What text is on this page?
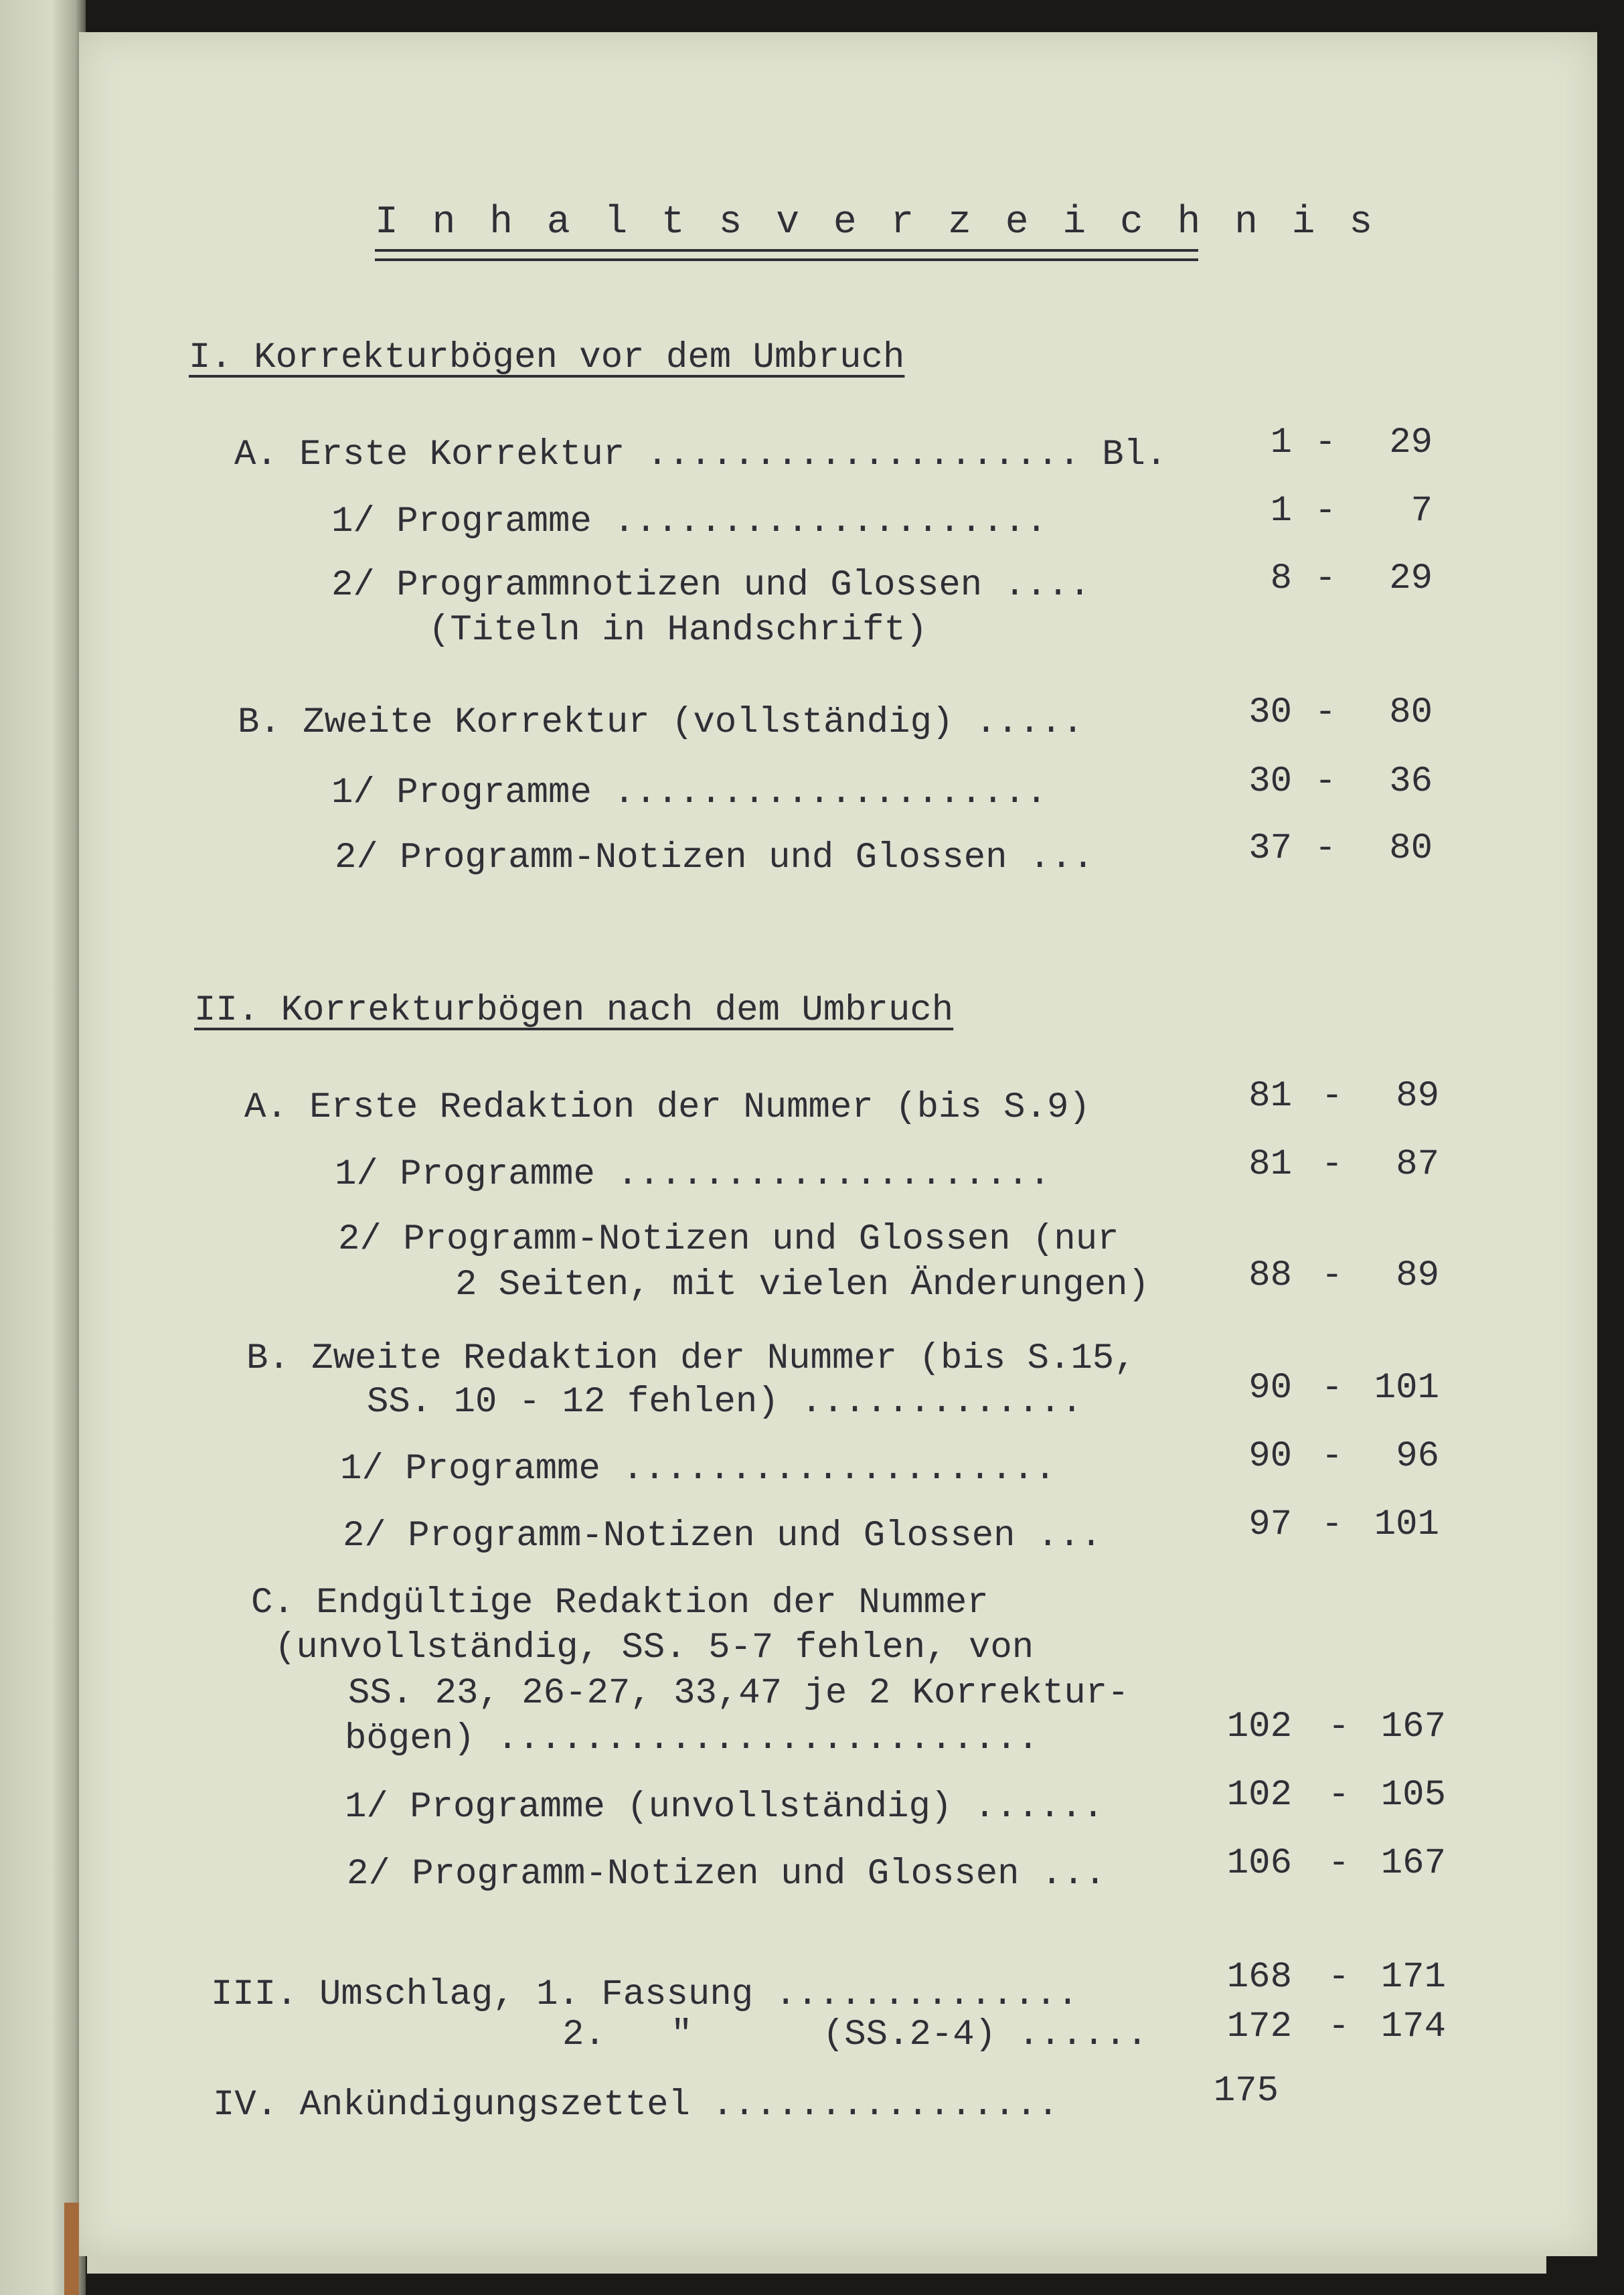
I n h a l t s v e r z e i c h n i s
I. Korrekturbögen vor dem Umbruch
A. Erste Korrektur .................... Bl.	1 -	29
1/ Programme ....................	1 -	7
2/ Programmnotizen und Glossen ....	8 -	29
(Titeln in Handschrift)
B. Zweite Korrektur (vollständig) .....	30 -	80
1/ Programme ....................	30 -	36
2/ Programm-Notizen und Glossen ...	37 -	80
II. Korrekturbögen nach dem Umbruch
A. Erste Redaktion der Nummer (bis S.9)	81 -	89
1/ Programme ....................	81 -	87
2/ Programm-Notizen und Glossen (nur
2 Seiten, mit vielen Änderungen)	88 -	89
B. Zweite Redaktion der Nummer (bis S.15,
SS. 10 - 12 fehlen) .............	90 - 101
1/ Programme ....................	90 -	96
2/ Programm-Notizen und Glossen ...	97 - 101
C. Endgültige Redaktion der Nummer
(unvollständig, SS. 5-7 fehlen, von
SS. 23, 26-27, 33,47 je 2 Korrektur-
bögen) .........................	102 - 167
1/ Programme (unvollständig) ......	102 - 105
2/ Programm-Notizen und Glossen ...	106 - 167
III. Umschlag, 1. Fassung ..............	168 - 171
2.   "      (SS.2-4) ......	172 - 174
IV. Ankündigungszettel ................	175
